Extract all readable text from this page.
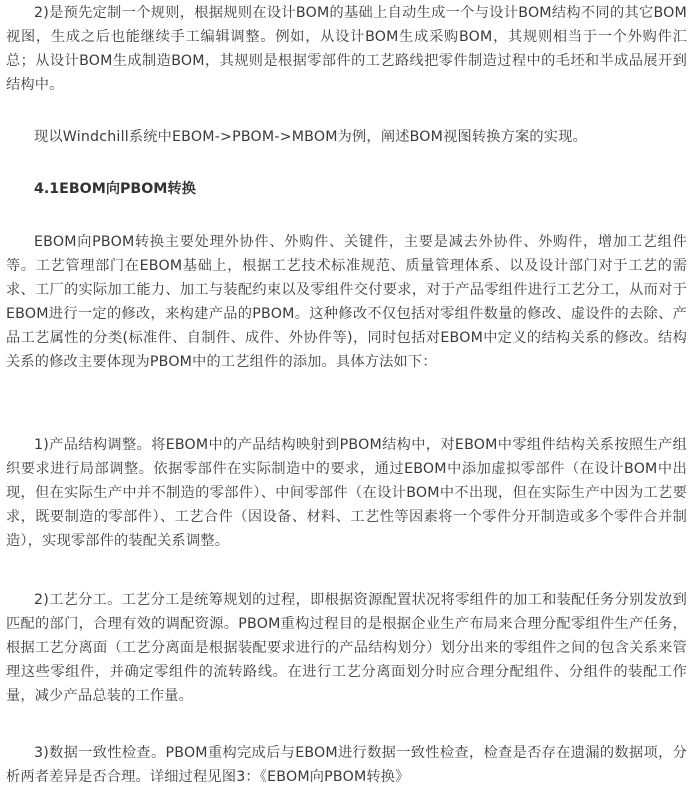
2)是预先定制一个规则，根据规则在设计BOM的基础上自动生成一个与设计BOM结构不同的其它BOM视图，生成之后也能继续手工编辑调整。例如，从设计BOM生成采购BOM，其规则相当于一个外购件汇总；从设计BOM生成制造BOM，其规则是根据零部件的工艺路线把零件制造过程中的毛坯和半成品展开到结构中。

现以Windchill系统中EBOM->PBOM->MBOM为例，阐述BOM视图转换方案的实现。

4.1EBOM向PBOM转换

EBOM向PBOM转换主要处理外协件、外购件、关键件，主要是减去外协件、外购件，增加工艺组件等。工艺管理部门在EBOM基础上，根据工艺技术标准规范、质量管理体系、以及设计部门对于工艺的需求、工厂的实际加工能力、加工与装配约束以及零组件交付要求，对于产品零组件进行工艺分工，从而对于EBOM进行一定的修改，来构建产品的PBOM。这种修改不仅包括对零组件数量的修改、虚设件的去除、产品工艺属性的分类(标准件、自制件、成件、外协件等)，同时包括对EBOM中定义的结构关系的修改。结构关系的修改主要体现为PBOM中的工艺组件的添加。具体方法如下：

1)产品结构调整。将EBOM中的产品结构映射到PBOM结构中，对EBOM中零组件结构关系按照生产组织要求进行局部调整。依据零部件在实际制造中的要求，通过EBOM中添加虚拟零部件（在设计BOM中出现，但在实际生产中并不制造的零部件）、中间零部件（在设计BOM中不出现，但在实际生产中因为工艺要求，既要制造的零部件）、工艺合件（因设备、材料、工艺性等因素将一个零件分开制造或多个零件合并制造），实现零部件的装配关系调整。

2)工艺分工。工艺分工是统筹规划的过程，即根据资源配置状况将零组件的加工和装配任务分别发放到匹配的部门，合理有效的调配资源。PBOM重构过程目的是根据企业生产布局来合理分配零组件生产任务，根据工艺分离面（工艺分离面是根据装配要求进行的产品结构划分）划分出来的零组件之间的包含关系来管理这些零组件，并确定零组件的流转路线。在进行工艺分离面划分时应合理分配组件、分组件的装配工作量，减少产品总装的工作量。

3)数据一致性检查。PBOM重构完成后与EBOM进行数据一致性检查，检查是否存在遗漏的数据项，分析两者差异是否合理。详细过程见图3：《EBOM向PBOM转换》
